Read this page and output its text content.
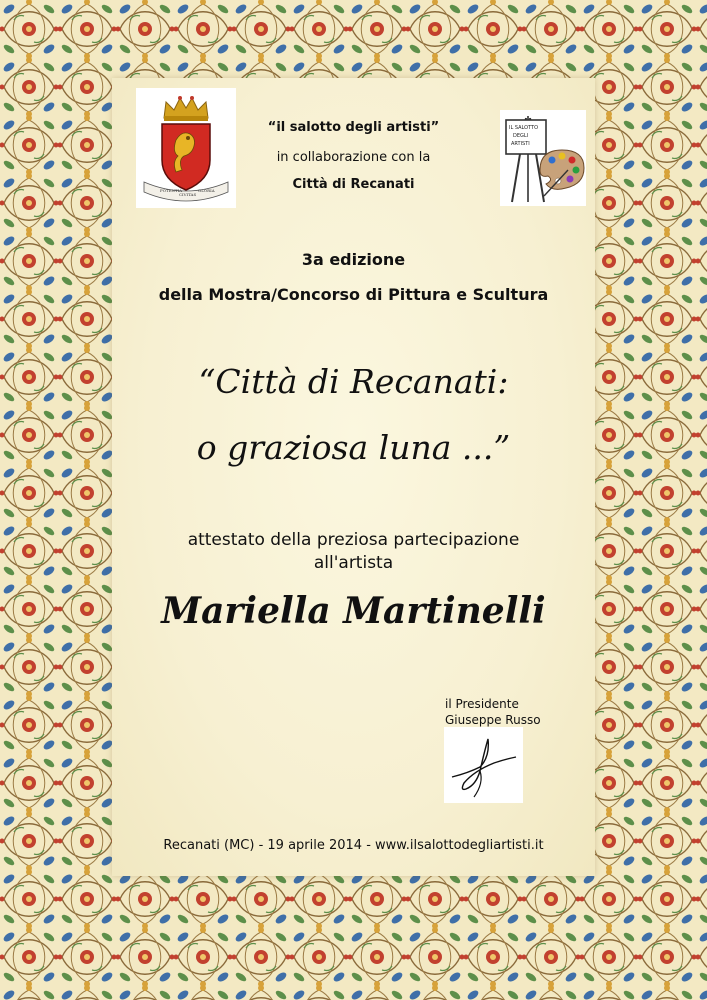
POTENTIA
CIVITAS
GLORIA
IL SALOTTO
DEGLI
ARTISTI
“il salotto degli artisti”
in collaborazione con la
Città di Recanati
3a edizione
della Mostra/Concorso di Pittura e Scultura
“Città di Recanati:
o graziosa luna ...”
attestato della preziosa partecipazione
all'artista
Mariella Martinelli
il Presidente
Giuseppe Russo
Recanati (MC) - 19 aprile 2014 - www.ilsalottodegliartisti.it
